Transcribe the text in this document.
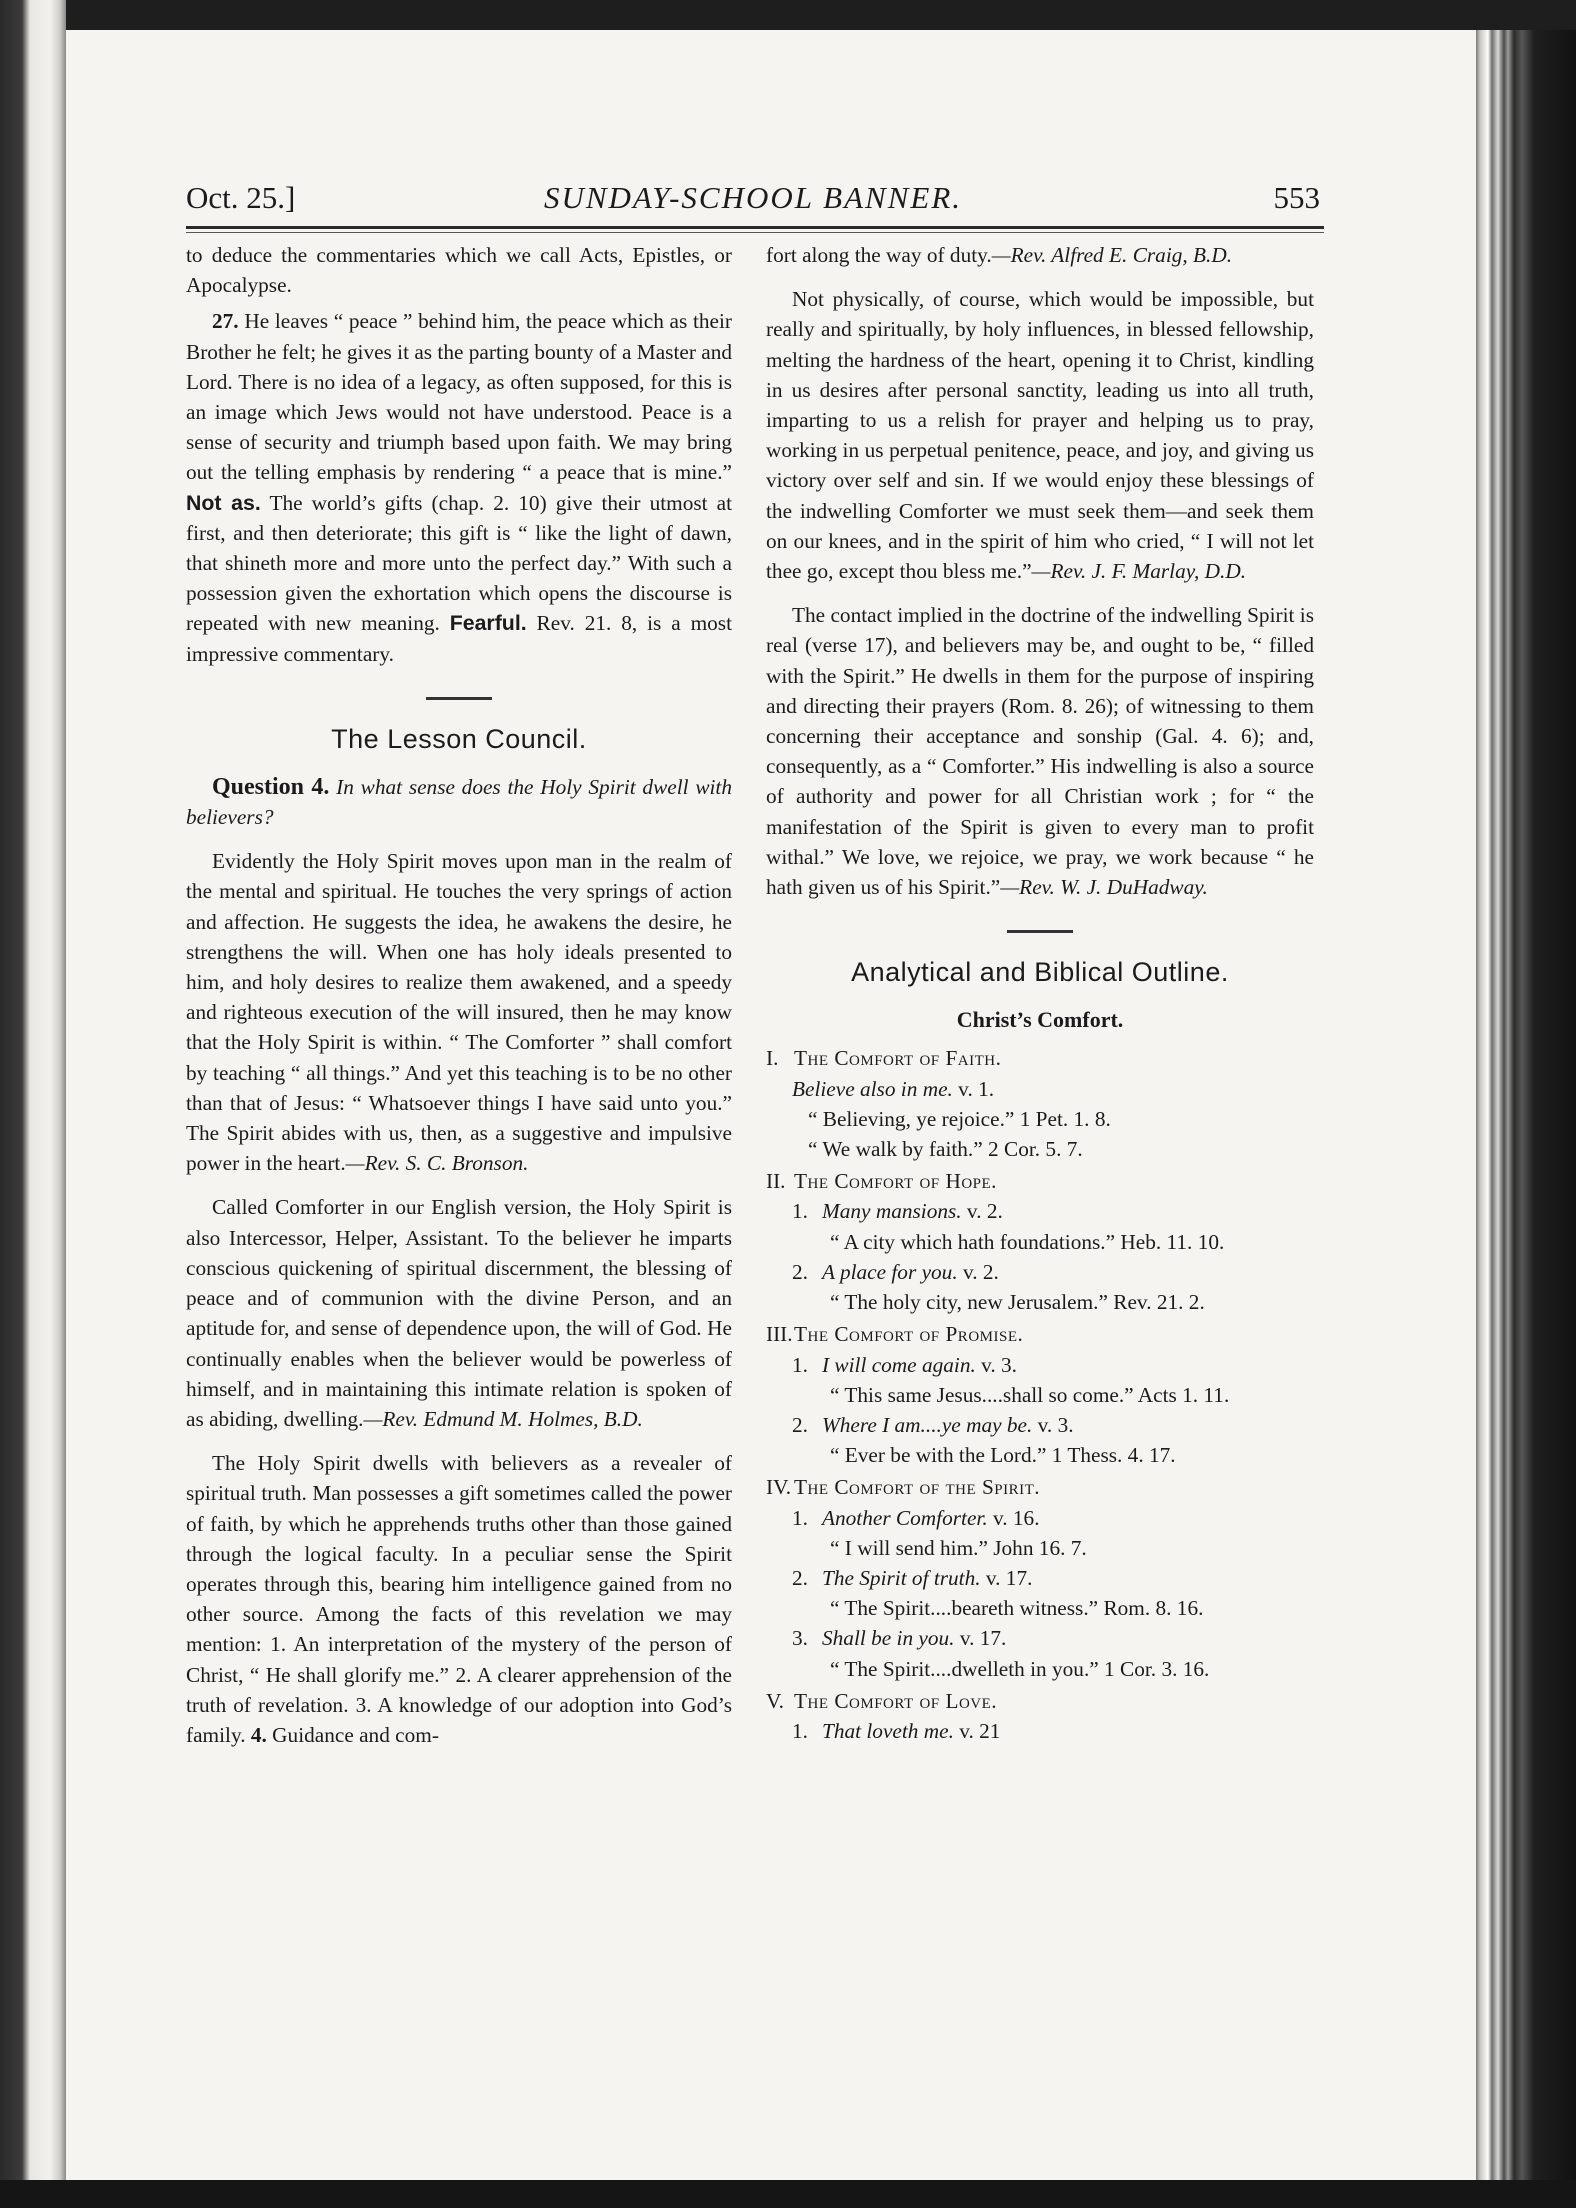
Oct. 25.]	SUNDAY-SCHOOL BANNER.	553

to deduce the commentaries which we call Acts, Epistles, or Apocalypse.

27. He leaves “ peace ” behind him, the peace which as their Brother he felt; he gives it as the parting bounty of a Master and Lord. There is no idea of a legacy, as often supposed, for this is an image which Jews would not have understood. Peace is a sense of security and triumph based upon faith. We may bring out the telling emphasis by rendering “ a peace that is mine.” Not as. The world’s gifts (chap. 2. 10) give their utmost at first, and then deteriorate; this gift is “ like the light of dawn, that shineth more and more unto the perfect day.” With such a possession given the exhortation which opens the discourse is repeated with new meaning. Fearful. Rev. 21. 8, is a most impressive commentary.

The Lesson Council.

Question 4. In what sense does the Holy Spirit dwell with believers?

Evidently the Holy Spirit moves upon man in the realm of the mental and spiritual. He touches the very springs of action and affection. He suggests the idea, he awakens the desire, he strengthens the will. When one has holy ideals presented to him, and holy desires to realize them awakened, and a speedy and righteous execution of the will insured, then he may know that the Holy Spirit is within. “ The Comforter ” shall comfort by teaching “ all things.” And yet this teaching is to be no other than that of Jesus: “ Whatsoever things I have said unto you.” The Spirit abides with us, then, as a suggestive and impulsive power in the heart.—Rev. S. C. Bronson.

Called Comforter in our English version, the Holy Spirit is also Intercessor, Helper, Assistant. To the believer he imparts conscious quickening of spiritual discernment, the blessing of peace and of communion with the divine Person, and an aptitude for, and sense of dependence upon, the will of God. He continually enables when the believer would be powerless of himself, and in maintaining this intimate relation is spoken of as abiding, dwelling.—Rev. Edmund M. Holmes, B.D.

The Holy Spirit dwells with believers as a revealer of spiritual truth. Man possesses a gift sometimes called the power of faith, by which he apprehends truths other than those gained through the logical faculty. In a peculiar sense the Spirit operates through this, bearing him intelligence gained from no other source. Among the facts of this revelation we may mention: 1. An interpretation of the mystery of the person of Christ, “ He shall glorify me.” 2. A clearer apprehension of the truth of revelation. 3. A knowledge of our adoption into God’s family. 4. Guidance and com-

fort along the way of duty.—Rev. Alfred E. Craig, B.D.

Not physically, of course, which would be impossible, but really and spiritually, by holy influences, in blessed fellowship, melting the hardness of the heart, opening it to Christ, kindling in us desires after personal sanctity, leading us into all truth, imparting to us a relish for prayer and helping us to pray, working in us perpetual penitence, peace, and joy, and giving us victory over self and sin. If we would enjoy these blessings of the indwelling Comforter we must seek them—and seek them on our knees, and in the spirit of him who cried, “ I will not let thee go, except thou bless me.”—Rev. J. F. Marlay, D.D.

The contact implied in the doctrine of the indwelling Spirit is real (verse 17), and believers may be, and ought to be, “ filled with the Spirit.” He dwells in them for the purpose of inspiring and directing their prayers (Rom. 8. 26); of witnessing to them concerning their acceptance and sonship (Gal. 4. 6); and, consequently, as a “ Comforter.” His indwelling is also a source of authority and power for all Christian work ; for “ the manifestation of the Spirit is given to every man to profit withal.” We love, we rejoice, we pray, we work because “ he hath given us of his Spirit.”—Rev. W. J. DuHadway.

Analytical and Biblical Outline.
Christ’s Comfort.
I. The Comfort of Faith.
Believe also in me. v. 1.
“ Believing, ye rejoice.” 1 Pet. 1. 8.
“ We walk by faith.” 2 Cor. 5. 7.
II. The Comfort of Hope.
1. Many mansions. v. 2.
“ A city which hath foundations.” Heb. 11. 10.
2. A place for you. v. 2.
“ The holy city, new Jerusalem.” Rev. 21. 2.
III.The Comfort of Promise.
1. I will come again. v. 3.
“ This same Jesus....shall so come.” Acts 1. 11.
2. Where I am....ye may be. v. 3.
“ Ever be with the Lord.” 1 Thess. 4. 17.
IV. The Comfort of the Spirit.
1. Another Comforter. v. 16.
“ I will send him.” John 16. 7.
2. The Spirit of truth. v. 17.
“ The Spirit....beareth witness.” Rom. 8. 16.
3. Shall be in you. v. 17.
“ The Spirit....dwelleth in you.” 1 Cor. 3. 16.
V. The Comfort of Love.
1. That loveth me. v. 21
